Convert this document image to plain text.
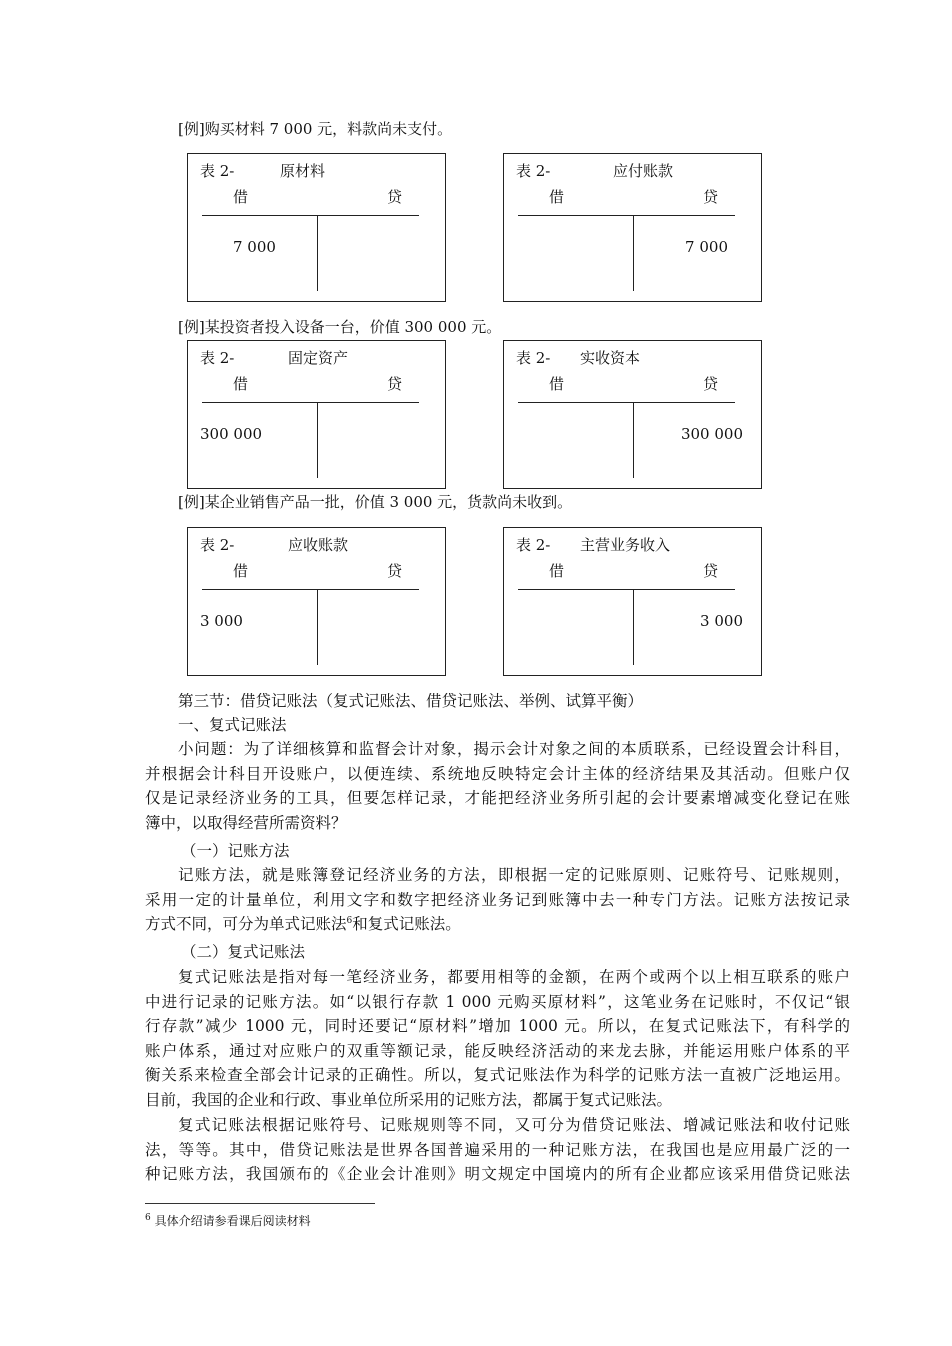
[例]购买材料 7 000 元，料款尚未支付。
[例]某投资者投入设备一台，价值 300 000 元。
[例]某企业销售产品一批，价值 3 000 元，货款尚未收到。
表 2-	原材料
借	贷
7 000
表 2-	应付账款
借	贷
7 000
表 2-	固定资产
借	贷
300 000
表 2- 实收资本
借	贷
300 000
表 2-	应收账款
借	贷
3 000
表 2- 主营业务收入
借	贷
3 000
第三节：借贷记账法（复式记账法、借贷记账法、举例、试算平衡）
一、复式记账法
小问题：为了详细核算和监督会计对象，揭示会计对象之间的本质联系，已经设置会计科目，
并根据会计科目开设账户，以便连续、系统地反映特定会计主体的经济结果及其活动。但账户仅
仅是记录经济业务的工具，但要怎样记录，才能把经济业务所引起的会计要素增减变化登记在账
簿中，以取得经营所需资料？
（一）记账方法
记账方法，就是账簿登记经济业务的方法，即根据一定的记账原则、记账符号、记账规则，
采用一定的计量单位，利用文字和数字把经济业务记到账簿中去一种专门方法。记账方法按记录
方式不同，可分为单式记账法$^6$和复式记账法。
（二）复式记账法
复式记账法是指对每一笔经济业务，都要用相等的金额，在两个或两个以上相互联系的账户
中进行记录的记账方法。如“以银行存款 1 000 元购买原材料”，这笔业务在记账时，不仅记“银
行存款”减少 1000 元，同时还要记“原材料”增加 1000 元。所以，在复式记账法下，有科学的
账户体系，通过对应账户的双重等额记录，能反映经济活动的来龙去脉，并能运用账户体系的平
衡关系来检查全部会计记录的正确性。所以，复式记账法作为科学的记账方法一直被广泛地运用。
目前，我国的企业和行政、事业单位所采用的记账方法，都属于复式记账法。
复式记账法根据记账符号、记账规则等不同，又可分为借贷记账法、增减记账法和收付记账
法，等等。其中，借贷记账法是世界各国普遍采用的一种记账方法，在我国也是应用最广泛的一
种记账方法，我国颁布的《企业会计准则》明文规定中国境内的所有企业都应该采用借贷记账法
$^6$ 具体介绍请参看课后阅读材料
